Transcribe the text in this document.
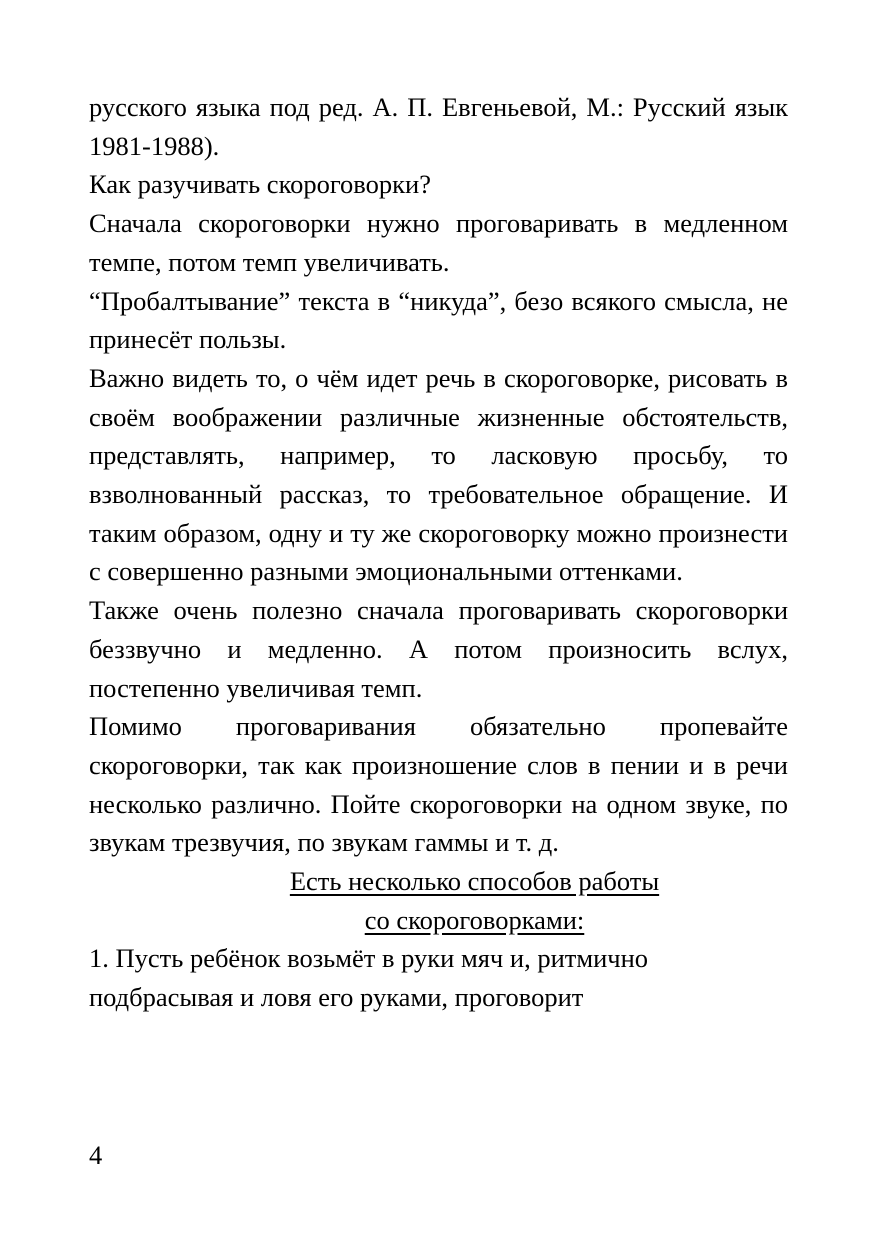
русского языка под ред. А. П. Евгеньевой, М.: Русский язык 1981-1988).

Как разучивать скороговорки?

Сначала скороговорки нужно проговаривать в медленном темпе, потом темп увеличивать.

“Пробалтывание” текста в “никуда”, безо всякого смысла, не принесёт пользы.

Важно видеть то, о чём идет речь в скороговорке, рисовать в своём воображении различные жизненные обстоятельств, представлять, например, то ласковую просьбу, то взволнованный рассказ, то требовательное обращение. И таким образом, одну и ту же скороговорку можно произнести с совершенно разными эмоциональными оттенками.

Также очень полезно сначала проговаривать скороговорки беззвучно и медленно. А потом произносить вслух, постепенно увеличивая темп.

Помимо проговаривания обязательно пропевайте скороговорки, так как произношение слов в пении и в речи несколько различно. Пойте скороговорки на одном звуке, по звукам трезвучия, по звукам гаммы и т. д.

Есть несколько способов работы
со скороговорками:

1. Пусть ребёнок возьмёт в руки мяч и, ритмично подбрасывая и ловя его руками, проговорит

4
